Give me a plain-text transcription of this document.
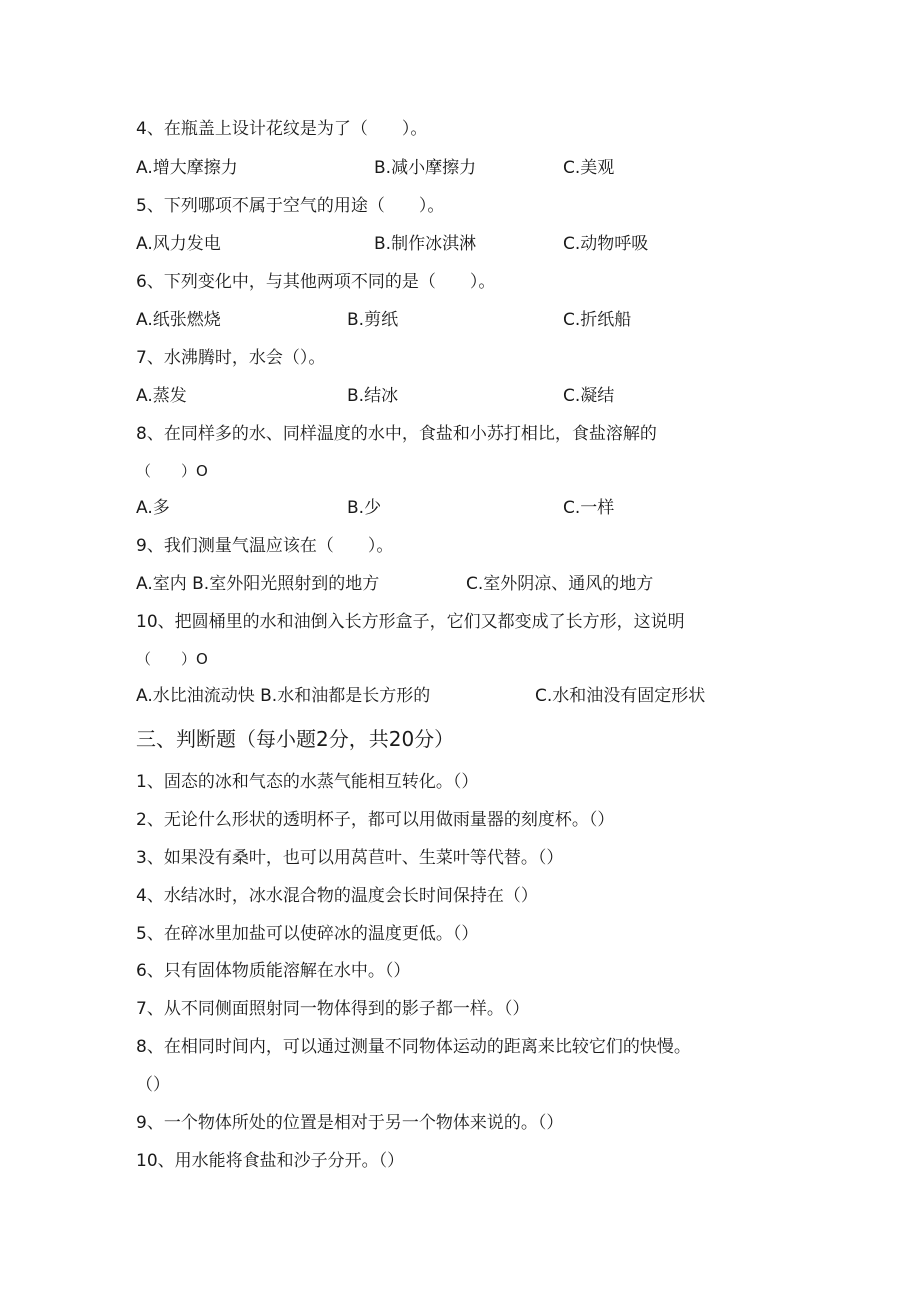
4、在瓶盖上设计花纹是为了（　　）。
A.增大摩擦力	B.减小摩擦力	C.美观
5、下列哪项不属于空气的用途（　　）。
A.风力发电	B.制作冰淇淋	C.动物呼吸
6、下列变化中，与其他两项不同的是（　　）。
A.纸张燃烧	B.剪纸	C.折纸船
7、水沸腾时，水会（）。
A.蒸发	B.结冰	C.凝结
8、在同样多的水、同样温度的水中，食盐和小苏打相比，食盐溶解的
（　　）O
A.多	B.少	C.一样
9、我们测量气温应该在（　　）。
A.室内 B.室外阳光照射到的地方	C.室外阴凉、通风的地方
10、把圆桶里的水和油倒入长方形盒子，它们又都变成了长方形，这说明
（　　）O
A.水比油流动快 B.水和油都是长方形的	C.水和油没有固定形状
三、判断题（每小题2分，共20分）
1、固态的冰和气态的水蒸气能相互转化。（）
2、无论什么形状的透明杯子，都可以用做雨量器的刻度杯。（）
3、如果没有桑叶，也可以用莴苣叶、生菜叶等代替。（）
4、水结冰时，冰水混合物的温度会长时间保持在（）
5、在碎冰里加盐可以使碎冰的温度更低。（）
6、只有固体物质能溶解在水中。（）
7、从不同侧面照射同一物体得到的影子都一样。（）
8、在相同时间内，可以通过测量不同物体运动的距离来比较它们的快慢。
（）
9、一个物体所处的位置是相对于另一个物体来说的。（）
10、用水能将食盐和沙子分开。（）
